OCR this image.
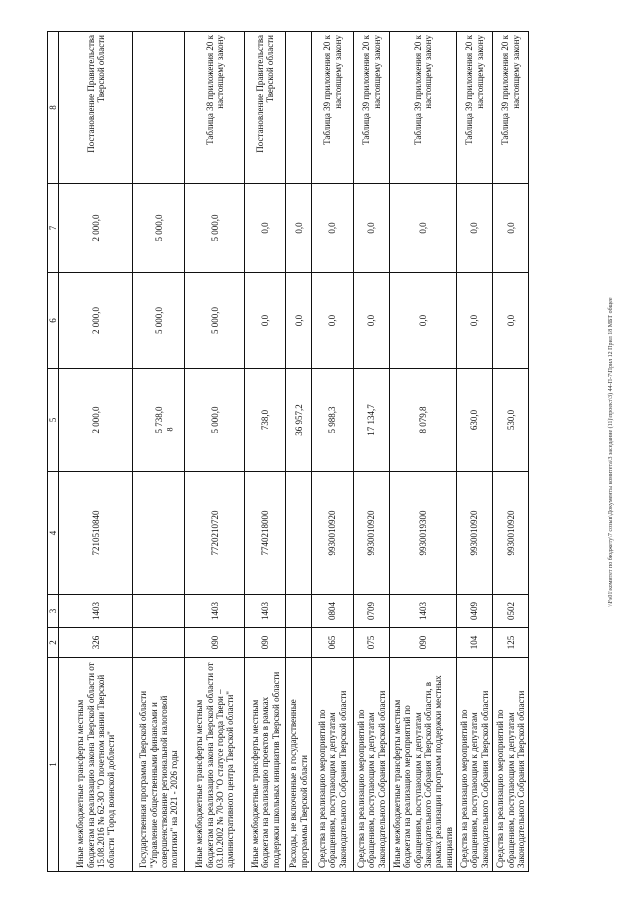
8	\\Fs01\комитет по бюджету\7 созыв\Документы комитета\3 заседание (11)\проект\3) 44-П-7\Прил 12 Прил 18 МБТ общее
1	2	3	4	5	6	7	8
Иные межбюджетные трансферты местным бюджетам на реализацию закона Тверской области от 15.08.2016 № 62-ЗО "О почетном звании Тверской области "Город воинской доблести"	326	1403	7210510840	2 000,0	2 000,0	2 000,0	Постановление Правительства Тверской области
Государственная программа Тверской области "Управление общественными финансами и совершенствование региональной налоговой политики" на 2021 - 2026 годы				5 738,0	5 000,0	5 000,0	
Иные межбюджетные трансферты местным бюджетам на реализацию закона Тверской области от 03.10.2002 № 70-ЗО "О статусе города Твери – административного центра Тверской области"	090	1403	7720210720	5 000,0	5 000,0	5 000,0	Таблица 38 приложения 20 к настоящему закону
Иные межбюджетные трансферты местным бюджетам на реализацию проектов в рамках поддержки школьных инициатив Тверской области	090	1403	7740218000	738,0	0,0	0,0	Постановление Правительства Тверской области
Расходы, не включенные в государственные программы Тверской области				36 957,2	0,0	0,0	
Средства на реализацию мероприятий по обращениям, поступающим к депутатам Законодательного Собрания Тверской области	065	0804	9930010920	5 988,3	0,0	0,0	Таблица 39 приложения 20 к настоящему закону
Средства на реализацию мероприятий по обращениям, поступающим к депутатам Законодательного Собрания Тверской области	075	0709	9930010920	17 134,7	0,0	0,0	Таблица 39 приложения 20 к настоящему закону
Иные межбюджетные трансферты местным бюджетам на реализацию мероприятий по обращениям, поступающим к депутатам Законодательного Собрания Тверской области, в рамках реализации программ поддержки местных инициатив	090	1403	9930019300	8 079,8	0,0	0,0	Таблица 39 приложения 20 к настоящему закону
Средства на реализацию мероприятий по обращениям, поступающим к депутатам Законодательного Собрания Тверской области	104	0409	9930010920	630,0	0,0	0,0	Таблица 39 приложения 20 к настоящему закону
Средства на реализацию мероприятий по обращениям, поступающим к депутатам Законодательного Собрания Тверской области	125	0502	9930010920	530,0	0,0	0,0	Таблица 39 приложения 20 к настоящему закону
